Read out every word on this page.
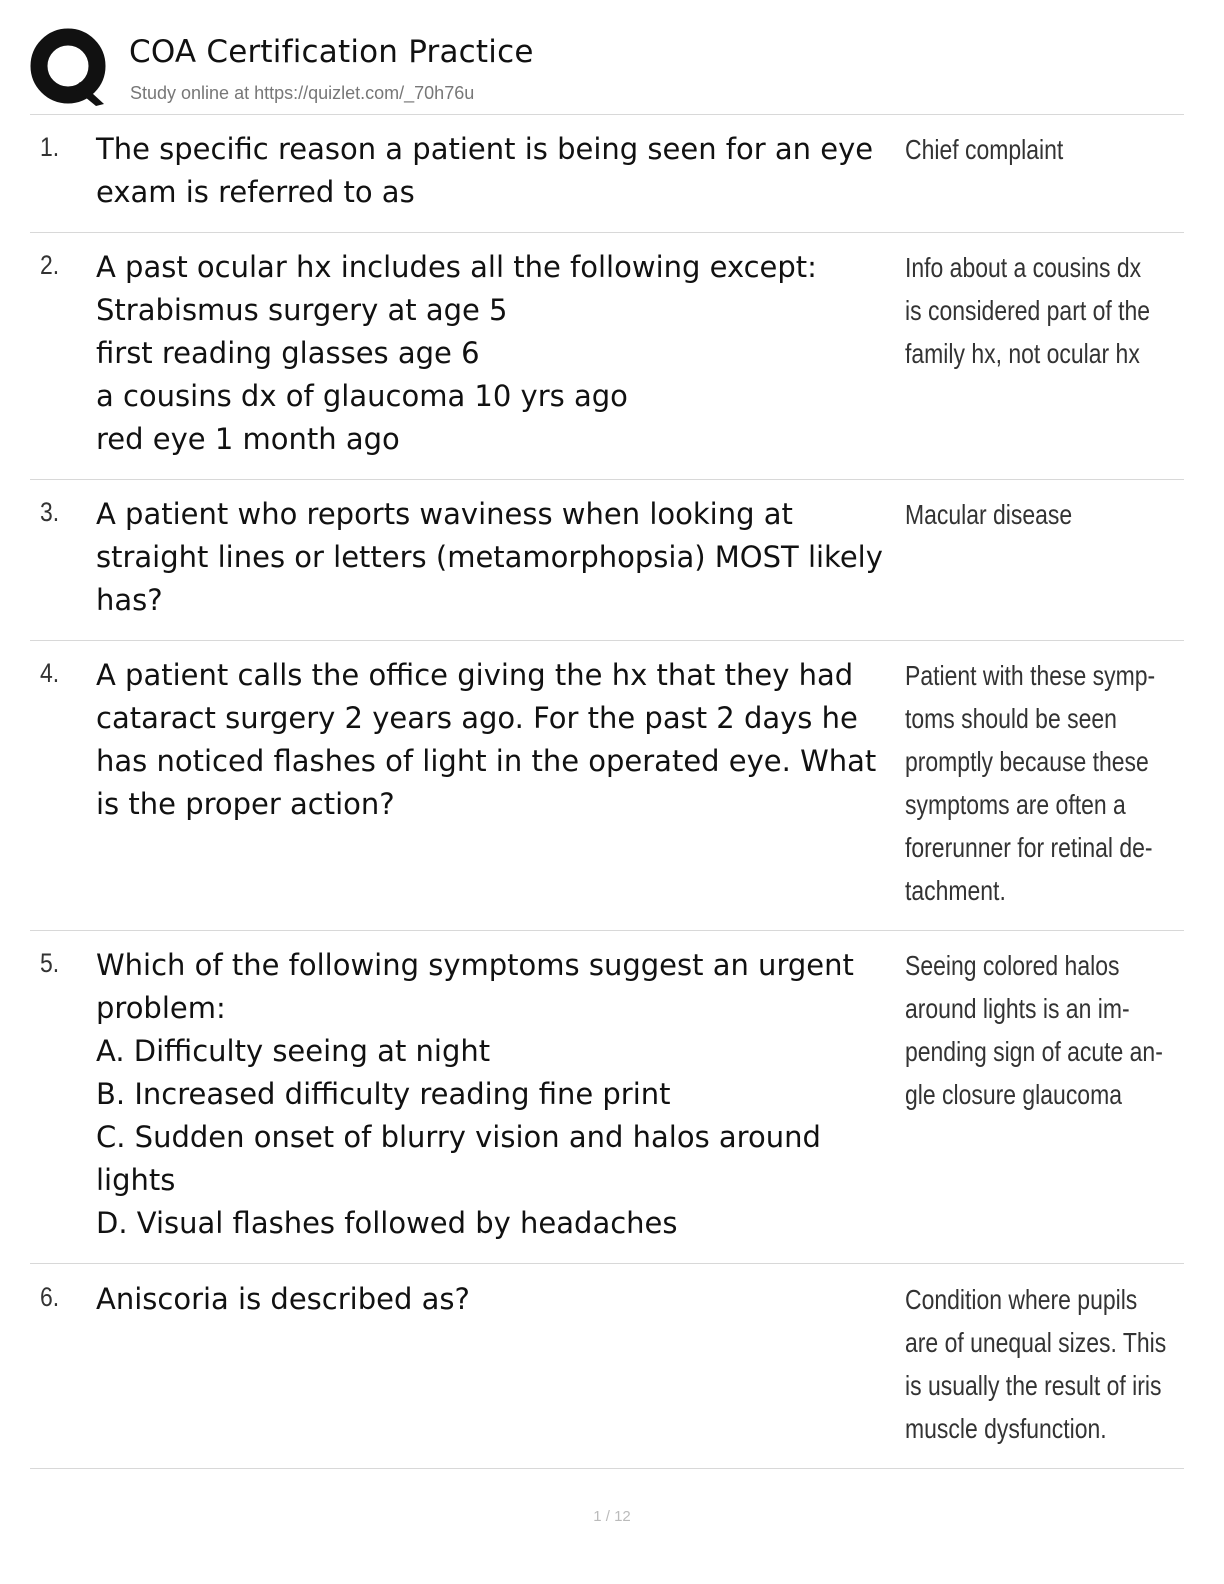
COA Certification Practice
Study online at https://quizlet.com/_70h76u
1. The specific reason a patient is being seen for an eye
exam is referred to as
Chief complaint
2. A past ocular hx includes all the following except:
Strabismus surgery at age 5
first reading glasses age 6
a cousins dx of glaucoma 10 yrs ago
red eye 1 month ago
Info about a cousins dx
is considered part of the
family hx, not ocular hx
3. A patient who reports waviness when looking at
straight lines or letters (metamorphopsia) MOST likely
has?
Macular disease
4. A patient calls the office giving the hx that they had
cataract surgery 2 years ago. For the past 2 days he
has noticed flashes of light in the operated eye. What
is the proper action?
Patient with these symp-
toms should be seen
promptly because these
symptoms are often a
forerunner for retinal de-
tachment.
5. Which of the following symptoms suggest an urgent
problem:
A. Difficulty seeing at night
B. Increased difficulty reading fine print
C. Sudden onset of blurry vision and halos around
lights
D. Visual flashes followed by headaches
Seeing colored halos
around lights is an im-
pending sign of acute an-
gle closure glaucoma
6. Aniscoria is described as?	Condition where pupils
are of unequal sizes. This
is usually the result of iris
muscle dysfunction.
1 / 12
